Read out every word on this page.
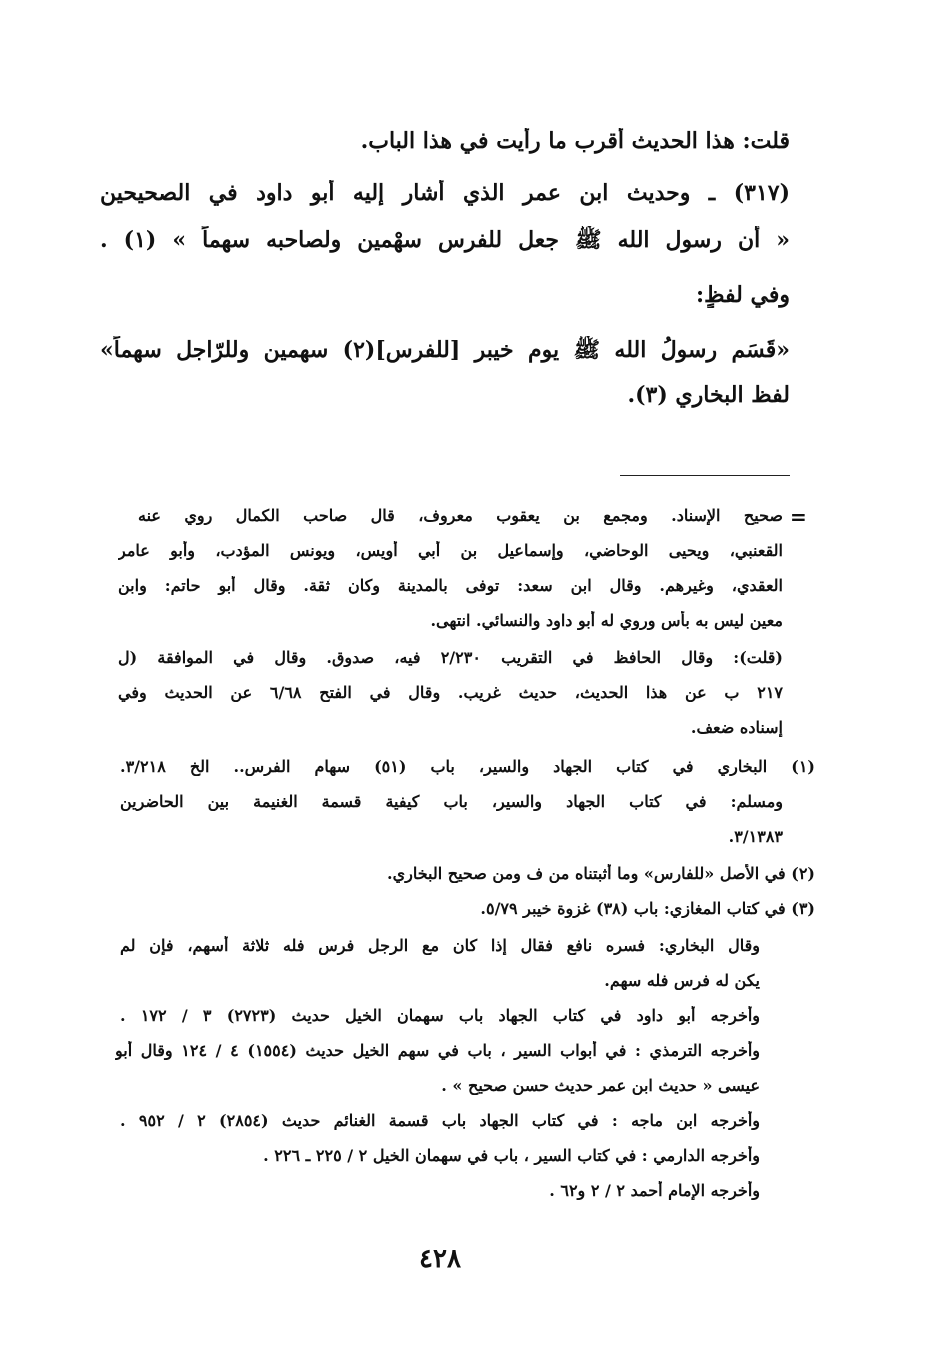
قلت: هذا الحديث أقرب ما رأيت في هذا الباب.
(٣١٧) ـ وحديث ابن عمر الذي أشار إليه أبو داود في الصحيحين
« أن رسول الله ﷺ جعل للفرس سهْمين ولصاحبه سهماً » (١) .
وفي لفظٍ:
«قَسَم رسولُ الله ﷺ يوم خيبر [للفرس](٢) سهمين وللرّاجل سهماً»
لفظ البخاري (٣).
=
صحيح الإسناد. ومجمع بن يعقوب معروف، قال صاحب الكمال روي عنه
القعنبي، ويحيى الوحاضي، وإسماعيل بن أبي أويس، ويونس المؤدب، وأبو عامر
العقدي، وغيرهم. وقال ابن سعد: توفى بالمدينة وكان ثقة. وقال أبو حاتم: وابن
معين ليس به بأس وروي له أبو داود والنسائي. انتهى.
(قلت): وقال الحافظ في التقريب ٢/٢٣٠ فيه، صدوق. وقال في الموافقة (ل
٢١٧ ب عن هذا الحديث، حديث غريب. وقال في الفتح ٦/٦٨ عن الحديث وفي
إسناده ضعف.
(١) البخاري في كتاب الجهاد والسير، باب (٥١) سهام الفرس.. الخ ٣/٢١٨.
ومسلم: في كتاب الجهاد والسير، باب كيفية قسمة الغنيمة بين الحاضرين
٣/١٣٨٣.
(٢) في الأصل «للفارس» وما أثبتناه من ف ومن صحيح البخاري.
(٣) في كتاب المغازي: باب (٣٨) غزوة خيبر ٥/٧٩.
وقال البخاري: فسره نافع فقال إذا كان مع الرجل فرس فله ثلاثة أسهم، فإن لم
يكن له فرس فله سهم.
وأخرجه أبو داود في كتاب الجهاد باب سهمان الخيل حديث (٢٧٢٣) ٣ / ١٧٢ .
وأخرجه الترمذي : في أبواب السير ، باب في سهم الخيل حديث (١٥٥٤) ٤ / ١٢٤ وقال أبو
عيسى « حديث ابن عمر حديث حسن صحيح » .
وأخرجه ابن ماجه : في كتاب الجهاد باب قسمة الغنائم حديث (٢٨٥٤) ٢ / ٩٥٢ .
وأخرجه الدارمي : في كتاب السير ، باب في سهمان الخيل ٢ / ٢٢٥ ـ ٢٢٦ .
وأخرجه الإمام أحمد ٢ / ٢ و٦٢ .
٤٢٨
